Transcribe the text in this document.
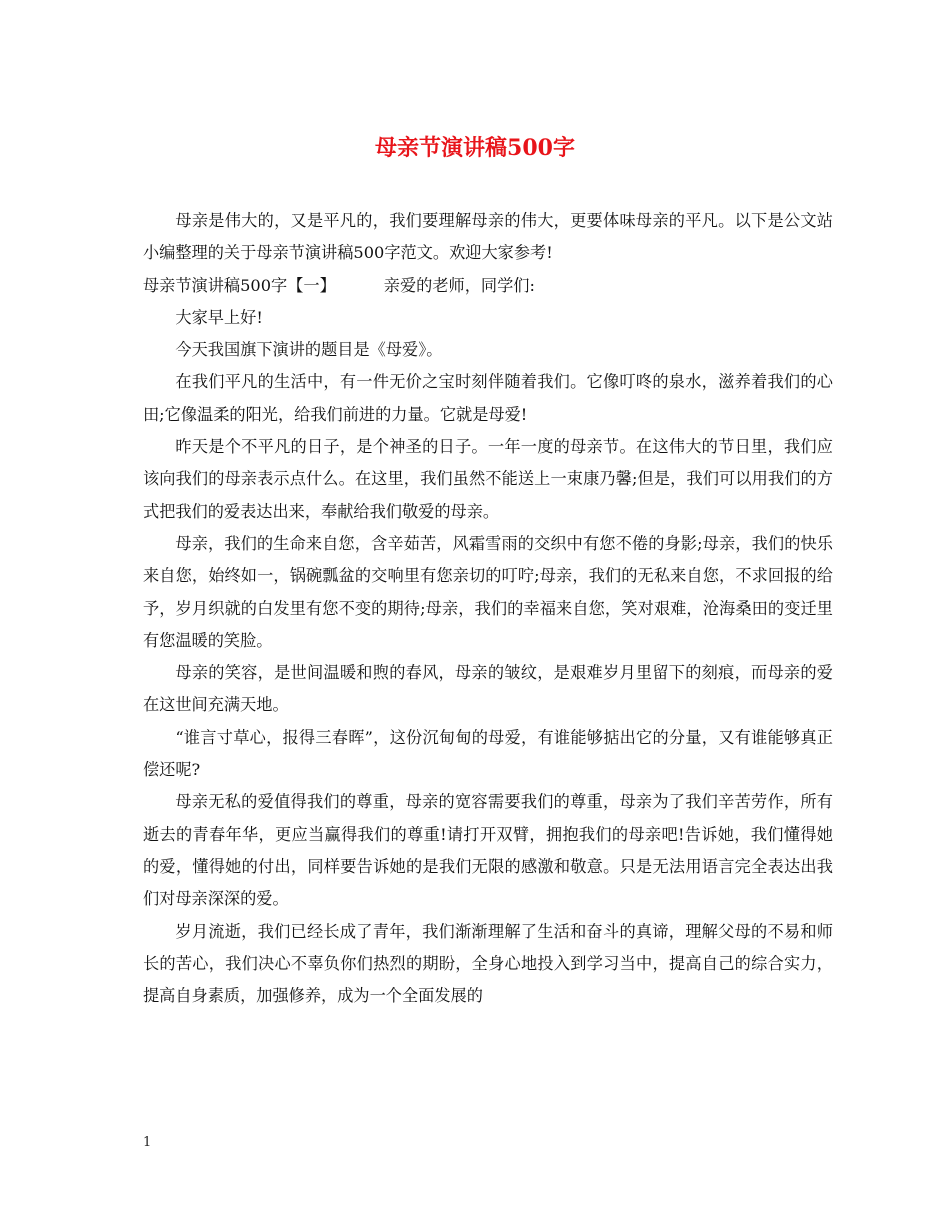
母亲节演讲稿500字

母亲是伟大的，又是平凡的，我们要理解母亲的伟大，更要体味母亲的平凡。以下是公文站小编整理的关于母亲节演讲稿500字范文。欢迎大家参考!

母亲节演讲稿500字【一】	亲爱的老师，同学们:

大家早上好!

今天我国旗下演讲的题目是《母爱》。

在我们平凡的生活中，有一件无价之宝时刻伴随着我们。它像叮咚的泉水，滋养着我们的心田;它像温柔的阳光，给我们前进的力量。它就是母爱!

昨天是个不平凡的日子，是个神圣的日子。一年一度的母亲节。在这伟大的节日里，我们应该向我们的母亲表示点什么。在这里，我们虽然不能送上一束康乃馨;但是，我们可以用我们的方式把我们的爱表达出来，奉献给我们敬爱的母亲。

母亲，我们的生命来自您，含辛茹苦，风霜雪雨的交织中有您不倦的身影;母亲，我们的快乐来自您，始终如一，锅碗瓢盆的交响里有您亲切的叮咛;母亲，我们的无私来自您，不求回报的给予，岁月织就的白发里有您不变的期待;母亲，我们的幸福来自您，笑对艰难，沧海桑田的变迁里有您温暖的笑脸。

母亲的笑容，是世间温暖和煦的春风，母亲的皱纹，是艰难岁月里留下的刻痕，而母亲的爱在这世间充满天地。

“谁言寸草心，报得三春晖”，这份沉甸甸的母爱，有谁能够掂出它的分量，又有谁能够真正偿还呢?

母亲无私的爱值得我们的尊重，母亲的宽容需要我们的尊重，母亲为了我们辛苦劳作，所有逝去的青春年华，更应当赢得我们的尊重!请打开双臂，拥抱我们的母亲吧!告诉她，我们懂得她的爱，懂得她的付出，同样要告诉她的是我们无限的感激和敬意。只是无法用语言完全表达出我们对母亲深深的爱。

岁月流逝，我们已经长成了青年，我们渐渐理解了生活和奋斗的真谛，理解父母的不易和师长的苦心，我们决心不辜负你们热烈的期盼，全身心地投入到学习当中，提高自己的综合实力，提高自身素质，加强修养，成为一个全面发展的

1
